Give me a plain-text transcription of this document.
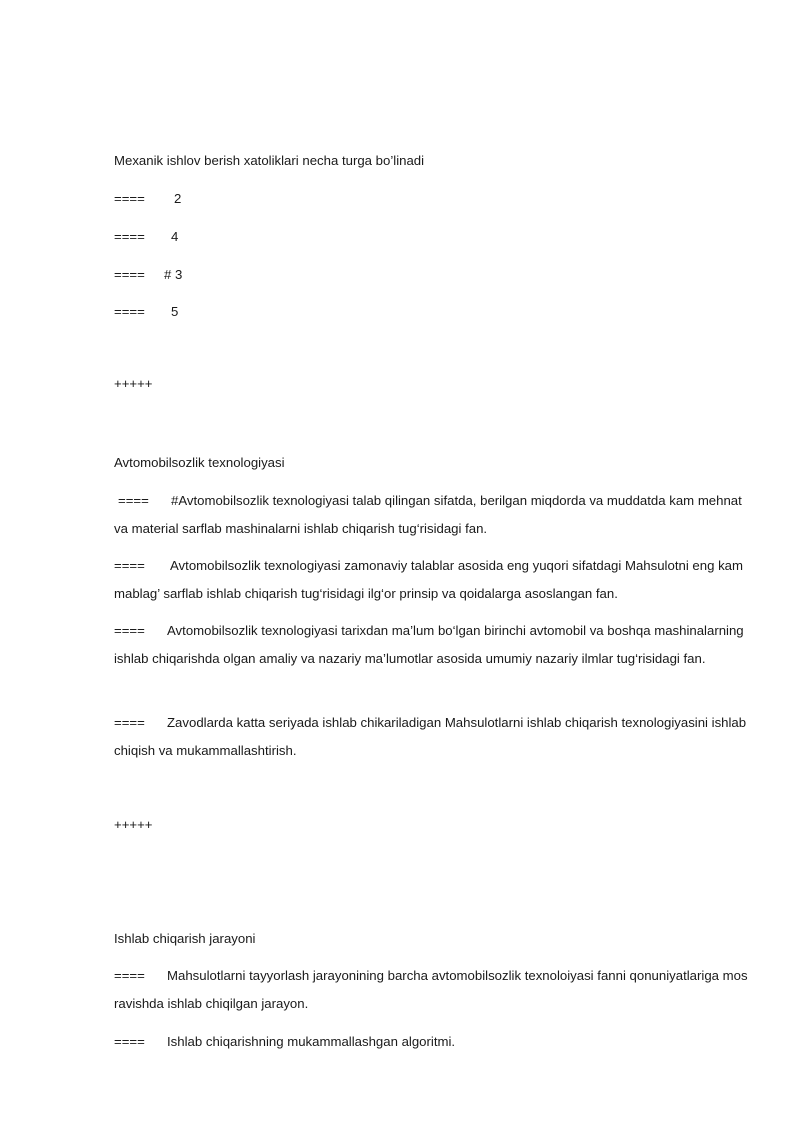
Mexanik ishlov berish xatoliklari necha turga bo’linadi
==== 2
==== 4
==== # 3
==== 5
+++++
Avtomobilsozlik texnologiyasi
==== #Avtomobilsozlik texnologiyasi talab qilingan sifatda, berilgan miqdorda va muddatda kam mehnat va material sarflab mashinalarni ishlab chiqarish tug‘risidagi fan.
==== Avtomobilsozlik texnologiyasi zamonaviy talablar asosida eng yuqori sifatdagi Mahsulotni eng kam mablag’ sarflab ishlab chiqarish tug‘risidagi ilg‘or prinsip va qoidalarga asoslangan fan.
==== Avtomobilsozlik texnologiyasi tarixdan ma’lum bo‘lgan birinchi avtomobil va boshqa mashinalarning ishlab chiqarishda olgan amaliy va nazariy ma’lumotlar asosida umumiy nazariy ilmlar tug‘risidagi fan.
==== Zavodlarda katta seriyada ishlab chikariladigan Mahsulotlarni ishlab chiqarish texnologiyasini ishlab chiqish va mukammallashtirish.
+++++
Ishlab chiqarish jarayoni
==== Mahsulotlarni tayyorlash jarayonining barcha avtomobilsozlik texnoloiyasi fanni qonuniyatlariga mos ravishda ishlab chiqilgan jarayon.
==== Ishlab chiqarishning mukammallashgan algoritmi.
